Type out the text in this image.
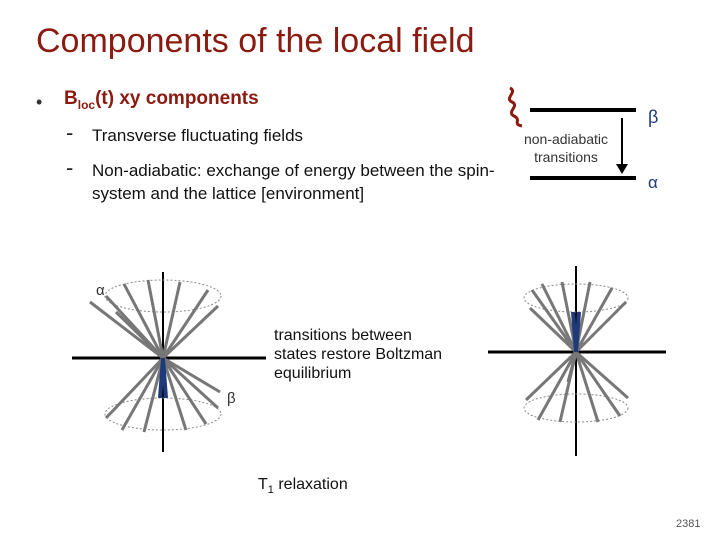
Components of the local field
• $B_{loc}(t)$ xy components
- Transverse fluctuating fields
- Non-adiabatic: exchange of energy between the spin-system and the lattice [environment]
non-adiabatic transitions
β
α
α
β
transitions between states restore Boltzman equilibrium
$T_1$ relaxation
2381
